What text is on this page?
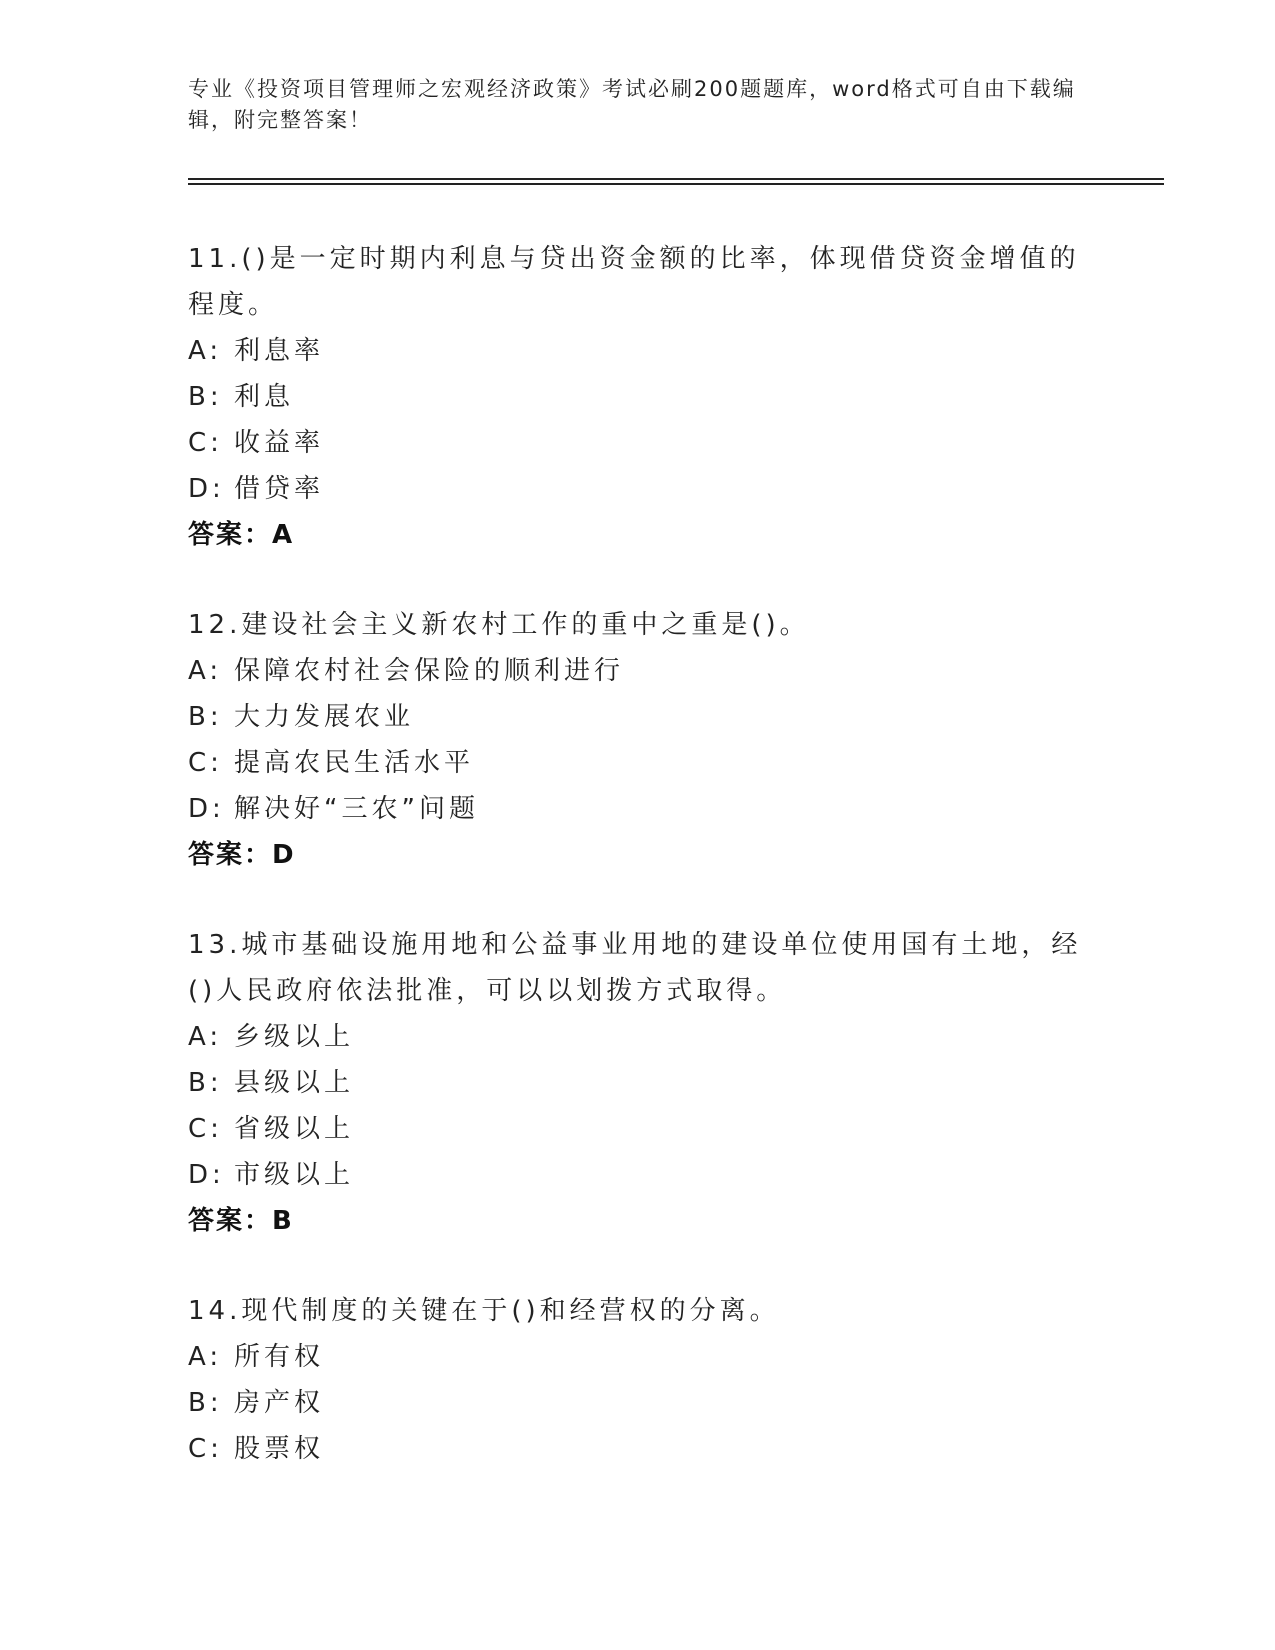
专业《投资项目管理师之宏观经济政策》考试必刷200题题库，word格式可自由下载编辑，附完整答案！
11.()是一定时期内利息与贷出资金额的比率，体现借贷资金增值的程度。
A: 利息率
B: 利息
C: 收益率
D: 借贷率
答案：A
12.建设社会主义新农村工作的重中之重是()。
A: 保障农村社会保险的顺利进行
B: 大力发展农业
C: 提高农民生活水平
D: 解决好“三农”问题
答案：D
13.城市基础设施用地和公益事业用地的建设单位使用国有土地，经()人民政府依法批准，可以以划拨方式取得。
A: 乡级以上
B: 县级以上
C: 省级以上
D: 市级以上
答案：B
14.现代制度的关键在于()和经营权的分离。
A: 所有权
B: 房产权
C: 股票权
